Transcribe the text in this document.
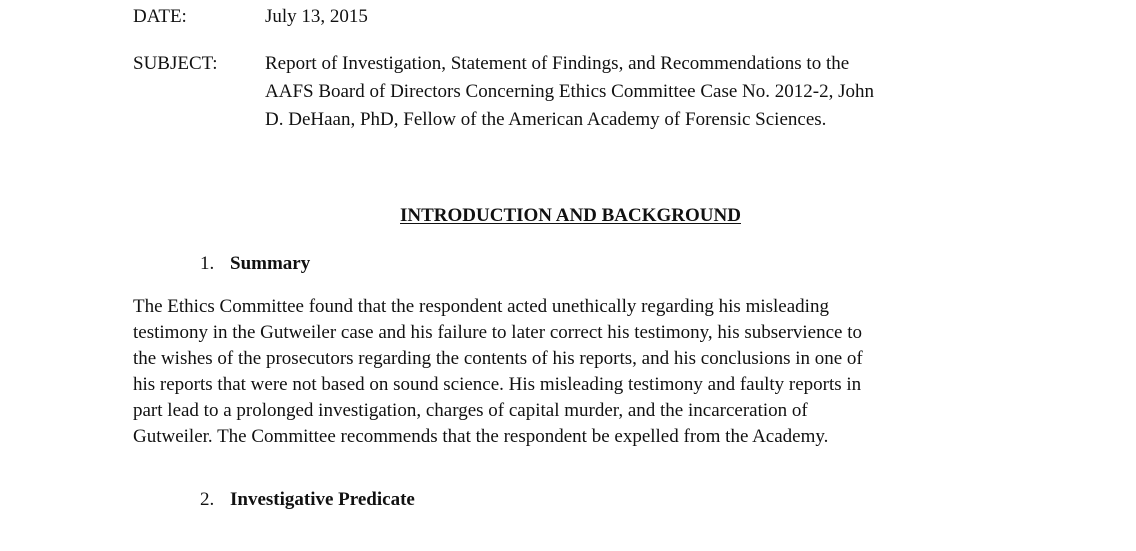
DATE:	July 13, 2015
SUBJECT: Report of Investigation, Statement of Findings, and Recommendations to the
AAFS Board of Directors Concerning Ethics Committee Case No. 2012-2, John
D. DeHaan, PhD, Fellow of the American Academy of Forensic Sciences.
INTRODUCTION AND BACKGROUND
1. Summary
The Ethics Committee found that the respondent acted unethically regarding his misleading
testimony in the Gutweiler case and his failure to later correct his testimony, his subservience to
the wishes of the prosecutors regarding the contents of his reports, and his conclusions in one of
his reports that were not based on sound science. His misleading testimony and faulty reports in
part lead to a prolonged investigation, charges of capital murder, and the incarceration of
Gutweiler. The Committee recommends that the respondent be expelled from the Academy.
2. Investigative Predicate
